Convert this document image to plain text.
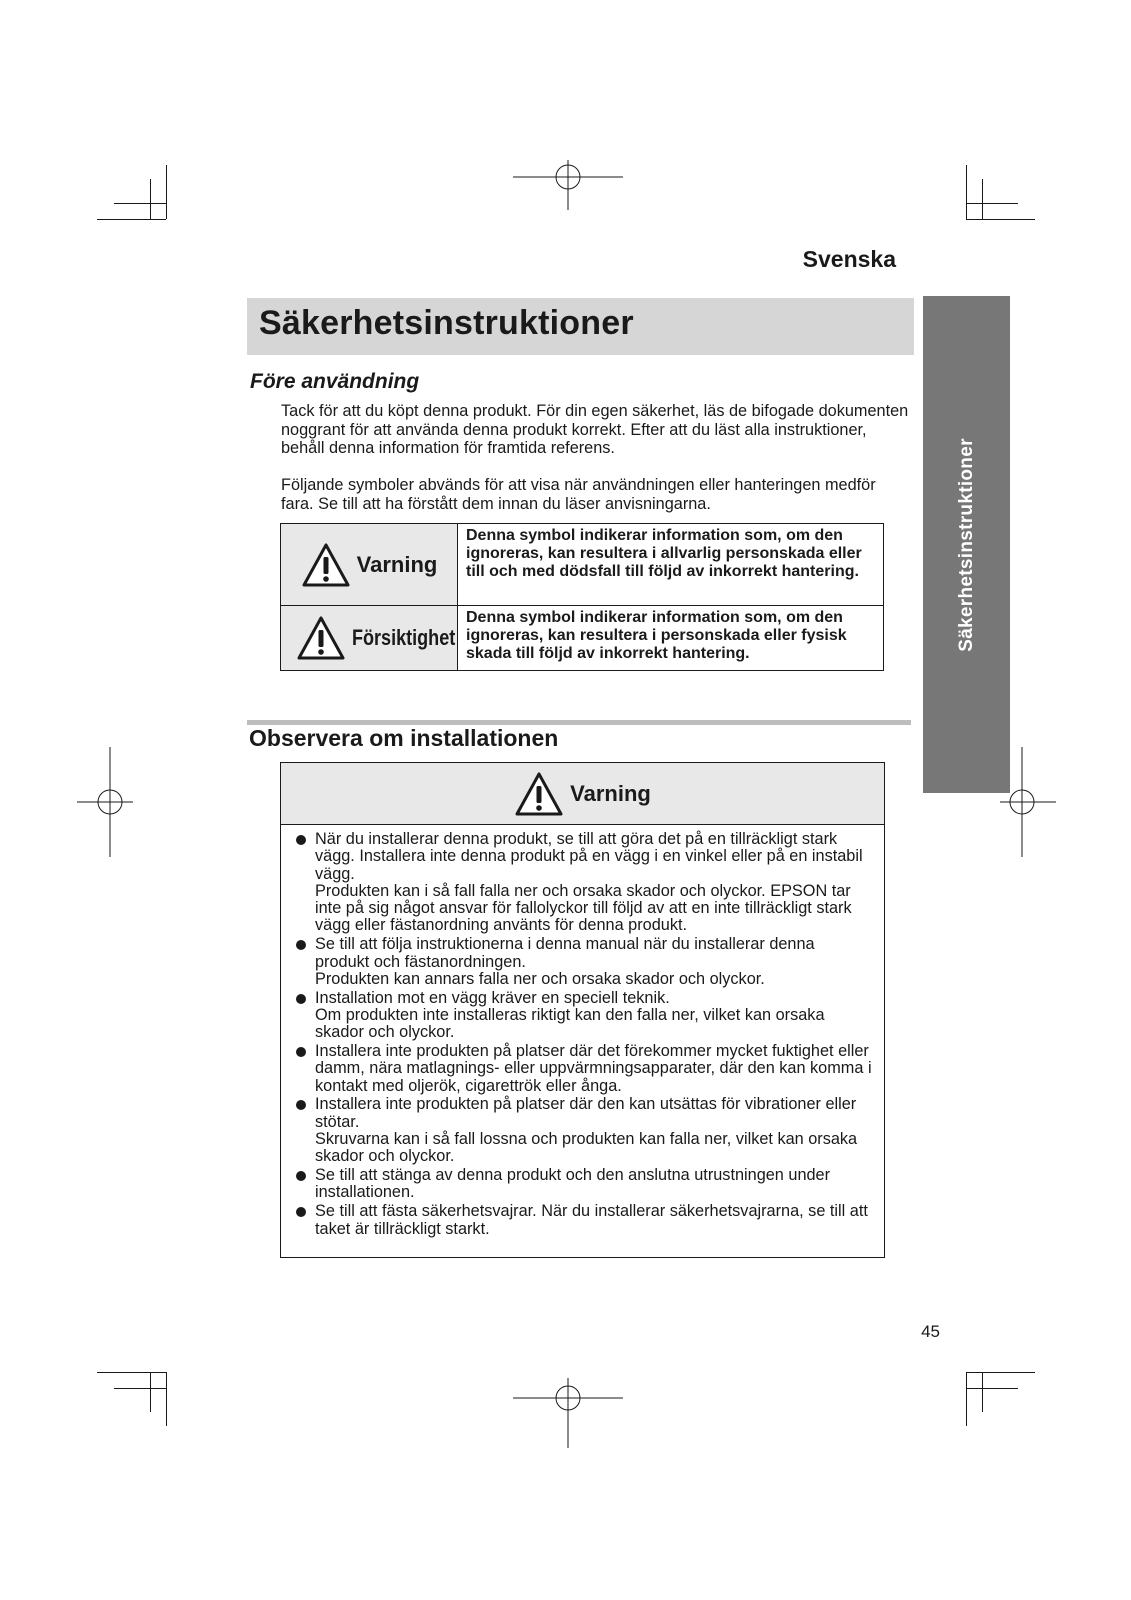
Svenska
Säkerhetsinstruktioner
Säkerhetsinstruktioner
Före användning

Tack för att du köpt denna produkt. För din egen säkerhet, läs de bifogade dokumenten noggrant för att använda denna produkt korrekt. Efter att du läst alla instruktioner, behåll denna information för framtida referens.

Följande symboler abvänds för att visa när användningen eller hanteringen medför fara. Se till att ha förstått dem innan du läser anvisningarna.

Varning	Denna symbol indikerar information som, om den ignoreras, kan resultera i allvarlig personskada eller till och med dödsfall till följd av inkorrekt hantering.

Försiktighet	Denna symbol indikerar information som, om den ignoreras, kan resultera i personskada eller fysisk skada till följd av inkorrekt hantering.
Observera om installationen
Varning
När du installerar denna produkt, se till att göra det på en tillräckligt stark vägg. Installera inte denna produkt på en vägg i en vinkel eller på en instabil vägg.
Produkten kan i så fall falla ner och orsaka skador och olyckor. EPSON tar inte på sig något ansvar för fallolyckor till följd av att en inte tillräckligt stark vägg eller fästanordning använts för denna produkt.
Se till att följa instruktionerna i denna manual när du installerar denna produkt och fästanordningen.
Produkten kan annars falla ner och orsaka skador och olyckor.
Installation mot en vägg kräver en speciell teknik.
Om produkten inte installeras riktigt kan den falla ner, vilket kan orsaka skador och olyckor.
Installera inte produkten på platser där det förekommer mycket fuktighet eller damm, nära matlagnings- eller uppvärmningsapparater, där den kan komma i kontakt med oljerök, cigarettrök eller ånga.
Installera inte produkten på platser där den kan utsättas för vibrationer eller stötar.
Skruvarna kan i så fall lossna och produkten kan falla ner, vilket kan orsaka skador och olyckor.
Se till att stänga av denna produkt och den anslutna utrustningen under installationen.
Se till att fästa säkerhetsvajrar. När du installerar säkerhetsvajrarna, se till att taket är tillräckligt starkt.
45
